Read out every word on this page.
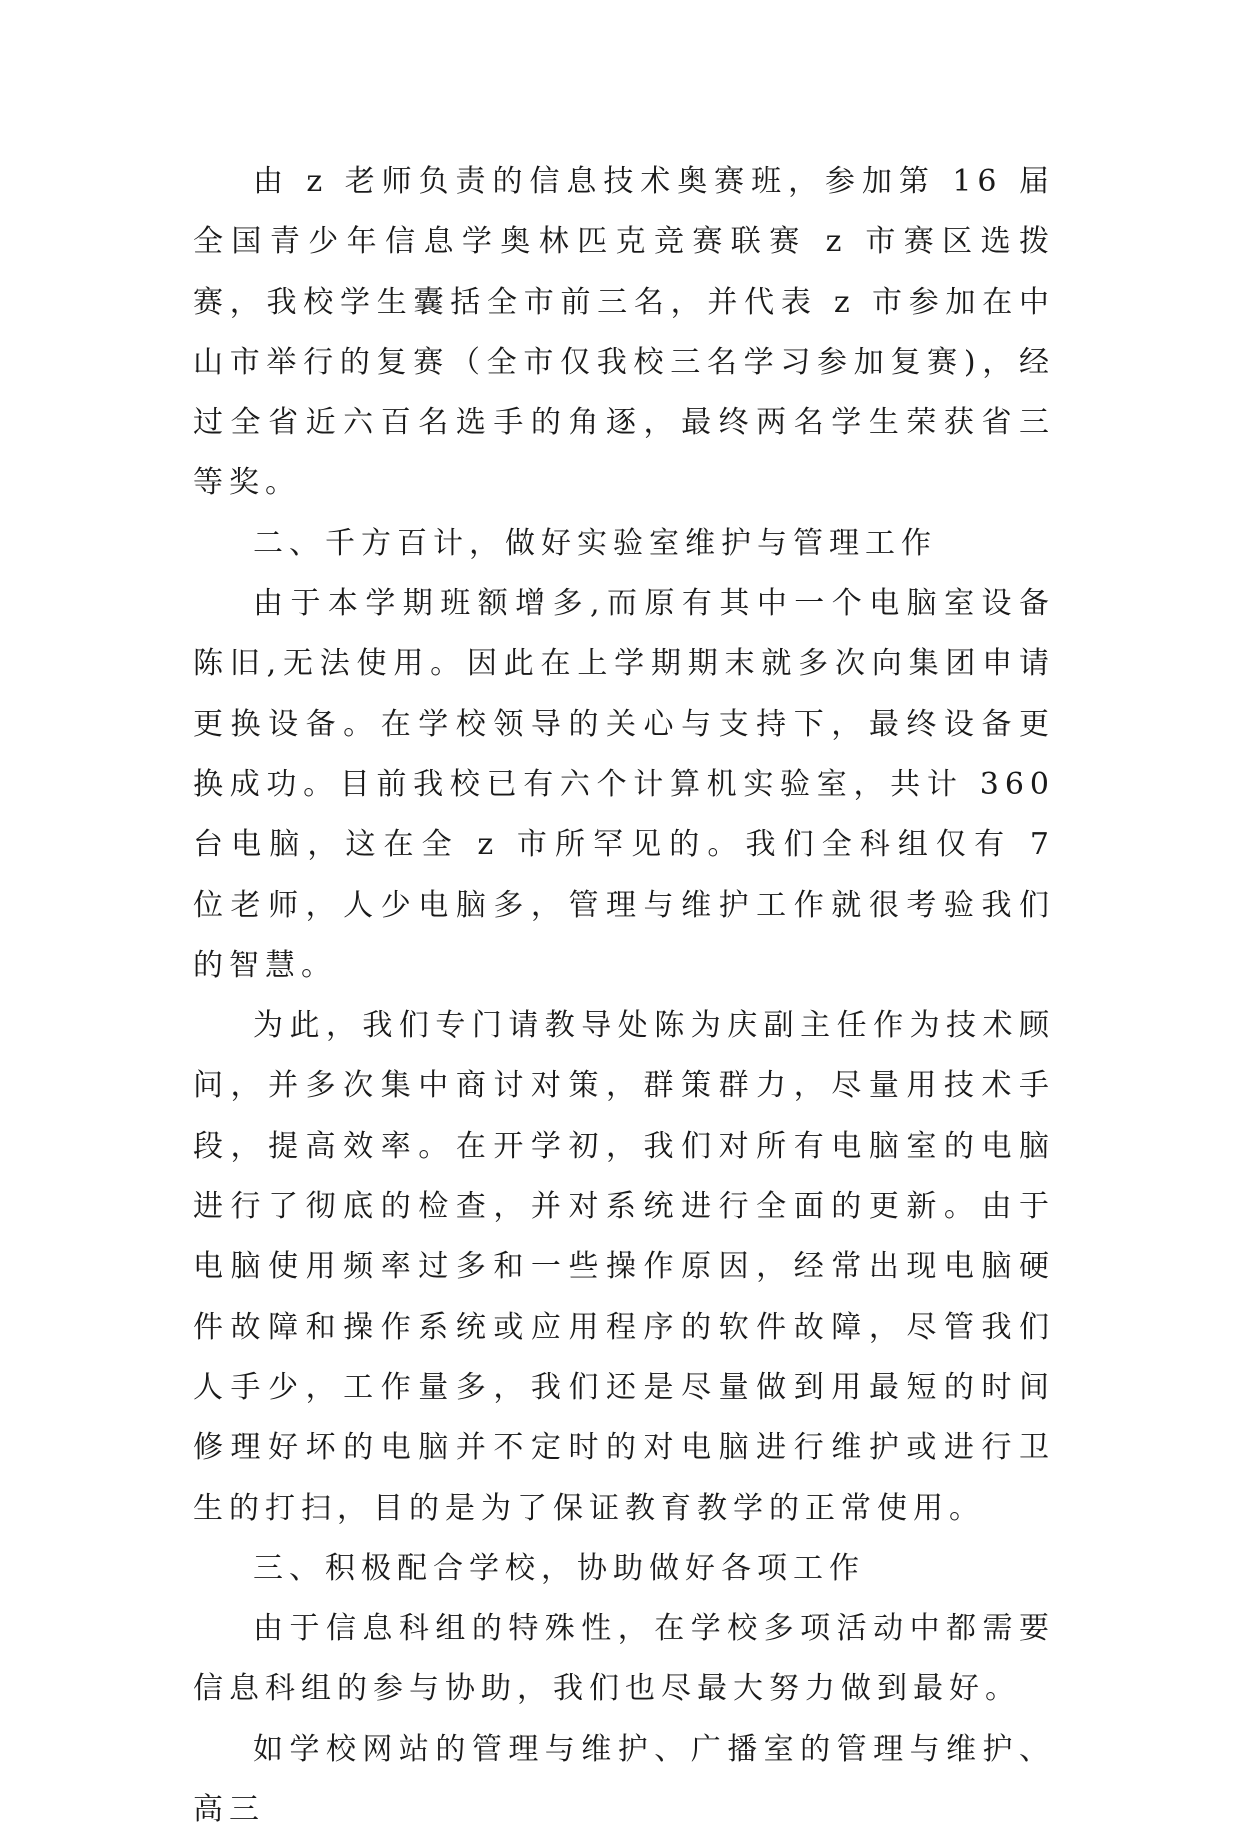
由 z 老师负责的信息技术奥赛班，参加第 16 届全国青少年信息学奥林匹克竞赛联赛 z 市赛区选拨赛，我校学生囊括全市前三名，并代表 z 市参加在中山市举行的复赛（全市仅我校三名学习参加复赛)，经过全省近六百名选手的角逐，最终两名学生荣获省三等奖。

二、千方百计，做好实验室维护与管理工作

由于本学期班额增多,而原有其中一个电脑室设备陈旧,无法使用。因此在上学期期末就多次向集团申请更换设备。在学校领导的关心与支持下，最终设备更换成功。目前我校已有六个计算机实验室，共计 360 台电脑，这在全 z 市所罕见的。我们全科组仅有 7 位老师，人少电脑多，管理与维护工作就很考验我们的智慧。

为此，我们专门请教导处陈为庆副主任作为技术顾问，并多次集中商讨对策，群策群力，尽量用技术手段，提高效率。在开学初，我们对所有电脑室的电脑进行了彻底的检查，并对系统进行全面的更新。由于电脑使用频率过多和一些操作原因，经常出现电脑硬件故障和操作系统或应用程序的软件故障，尽管我们人手少，工作量多，我们还是尽量做到用最短的时间修理好坏的电脑并不定时的对电脑进行维护或进行卫生的打扫，目的是为了保证教育教学的正常使用。

三、积极配合学校，协助做好各项工作

由于信息科组的特殊性，在学校多项活动中都需要信息科组的参与协助，我们也尽最大努力做到最好。

如学校网站的管理与维护、广播室的管理与维护、高三
